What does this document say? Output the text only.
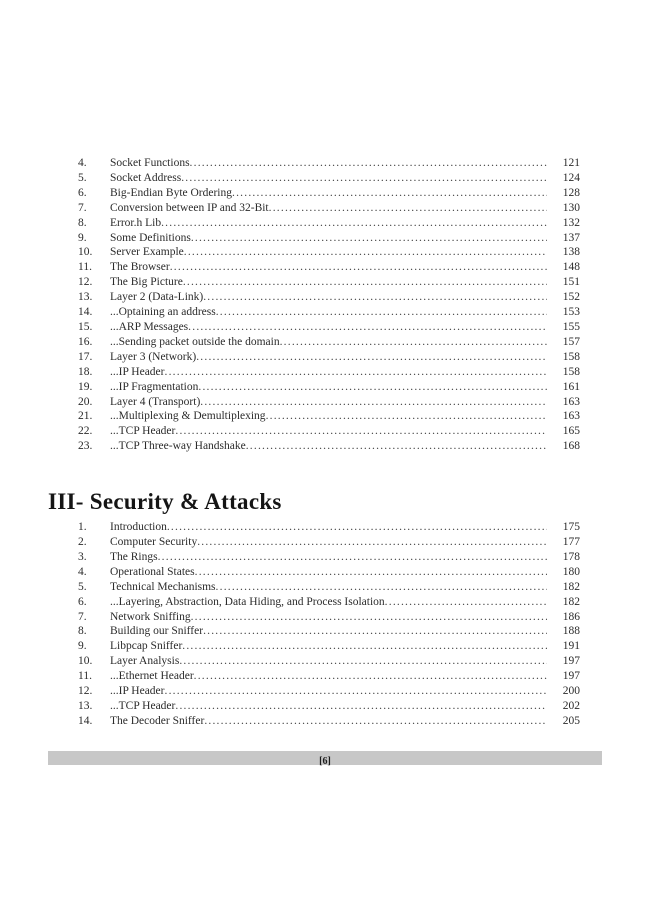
4.	Socket Functions .....	121
5.	Socket Address .....	124
6.	Big-Endian Byte Ordering .....	128
7.	Conversion between IP and 32-Bit .....	130
8.	Error.h Lib .....	132
9.	Some Definitions .....	137
10.	Server Example .....	138
11.	The Browser .....	148
12.	The Big Picture .....	151
13.	Layer 2 (Data-Link) .....	152
14.	...Optaining an address .....	153
15.	...ARP Messages .....	155
16.	...Sending packet outside the domain .....	157
17.	Layer 3 (Network) .....	158
18.	...IP Header .....	158
19.	...IP Fragmentation .....	161
20.	Layer 4 (Transport) .....	163
21.	...Multiplexing & Demultiplexing .....	163
22.	...TCP Header .....	165
23.	...TCP Three-way Handshake .....	168
III- Security & Attacks
1.	Introduction .....	175
2.	Computer Security .....	177
3.	The Rings .....	178
4.	Operational States .....	180
5.	Technical Mechanisms .....	182
6.	...Layering, Abstraction, Data Hiding, and Process Isolation .....	182
7.	Network Sniffing .....	186
8.	Building our Sniffer .....	188
9.	Libpcap Sniffer .....	191
10.	Layer Analysis .....	197
11.	...Ethernet Header .....	197
12.	...IP Header .....	200
13.	...TCP Header .....	202
14.	The Decoder Sniffer .....	205
[6]
